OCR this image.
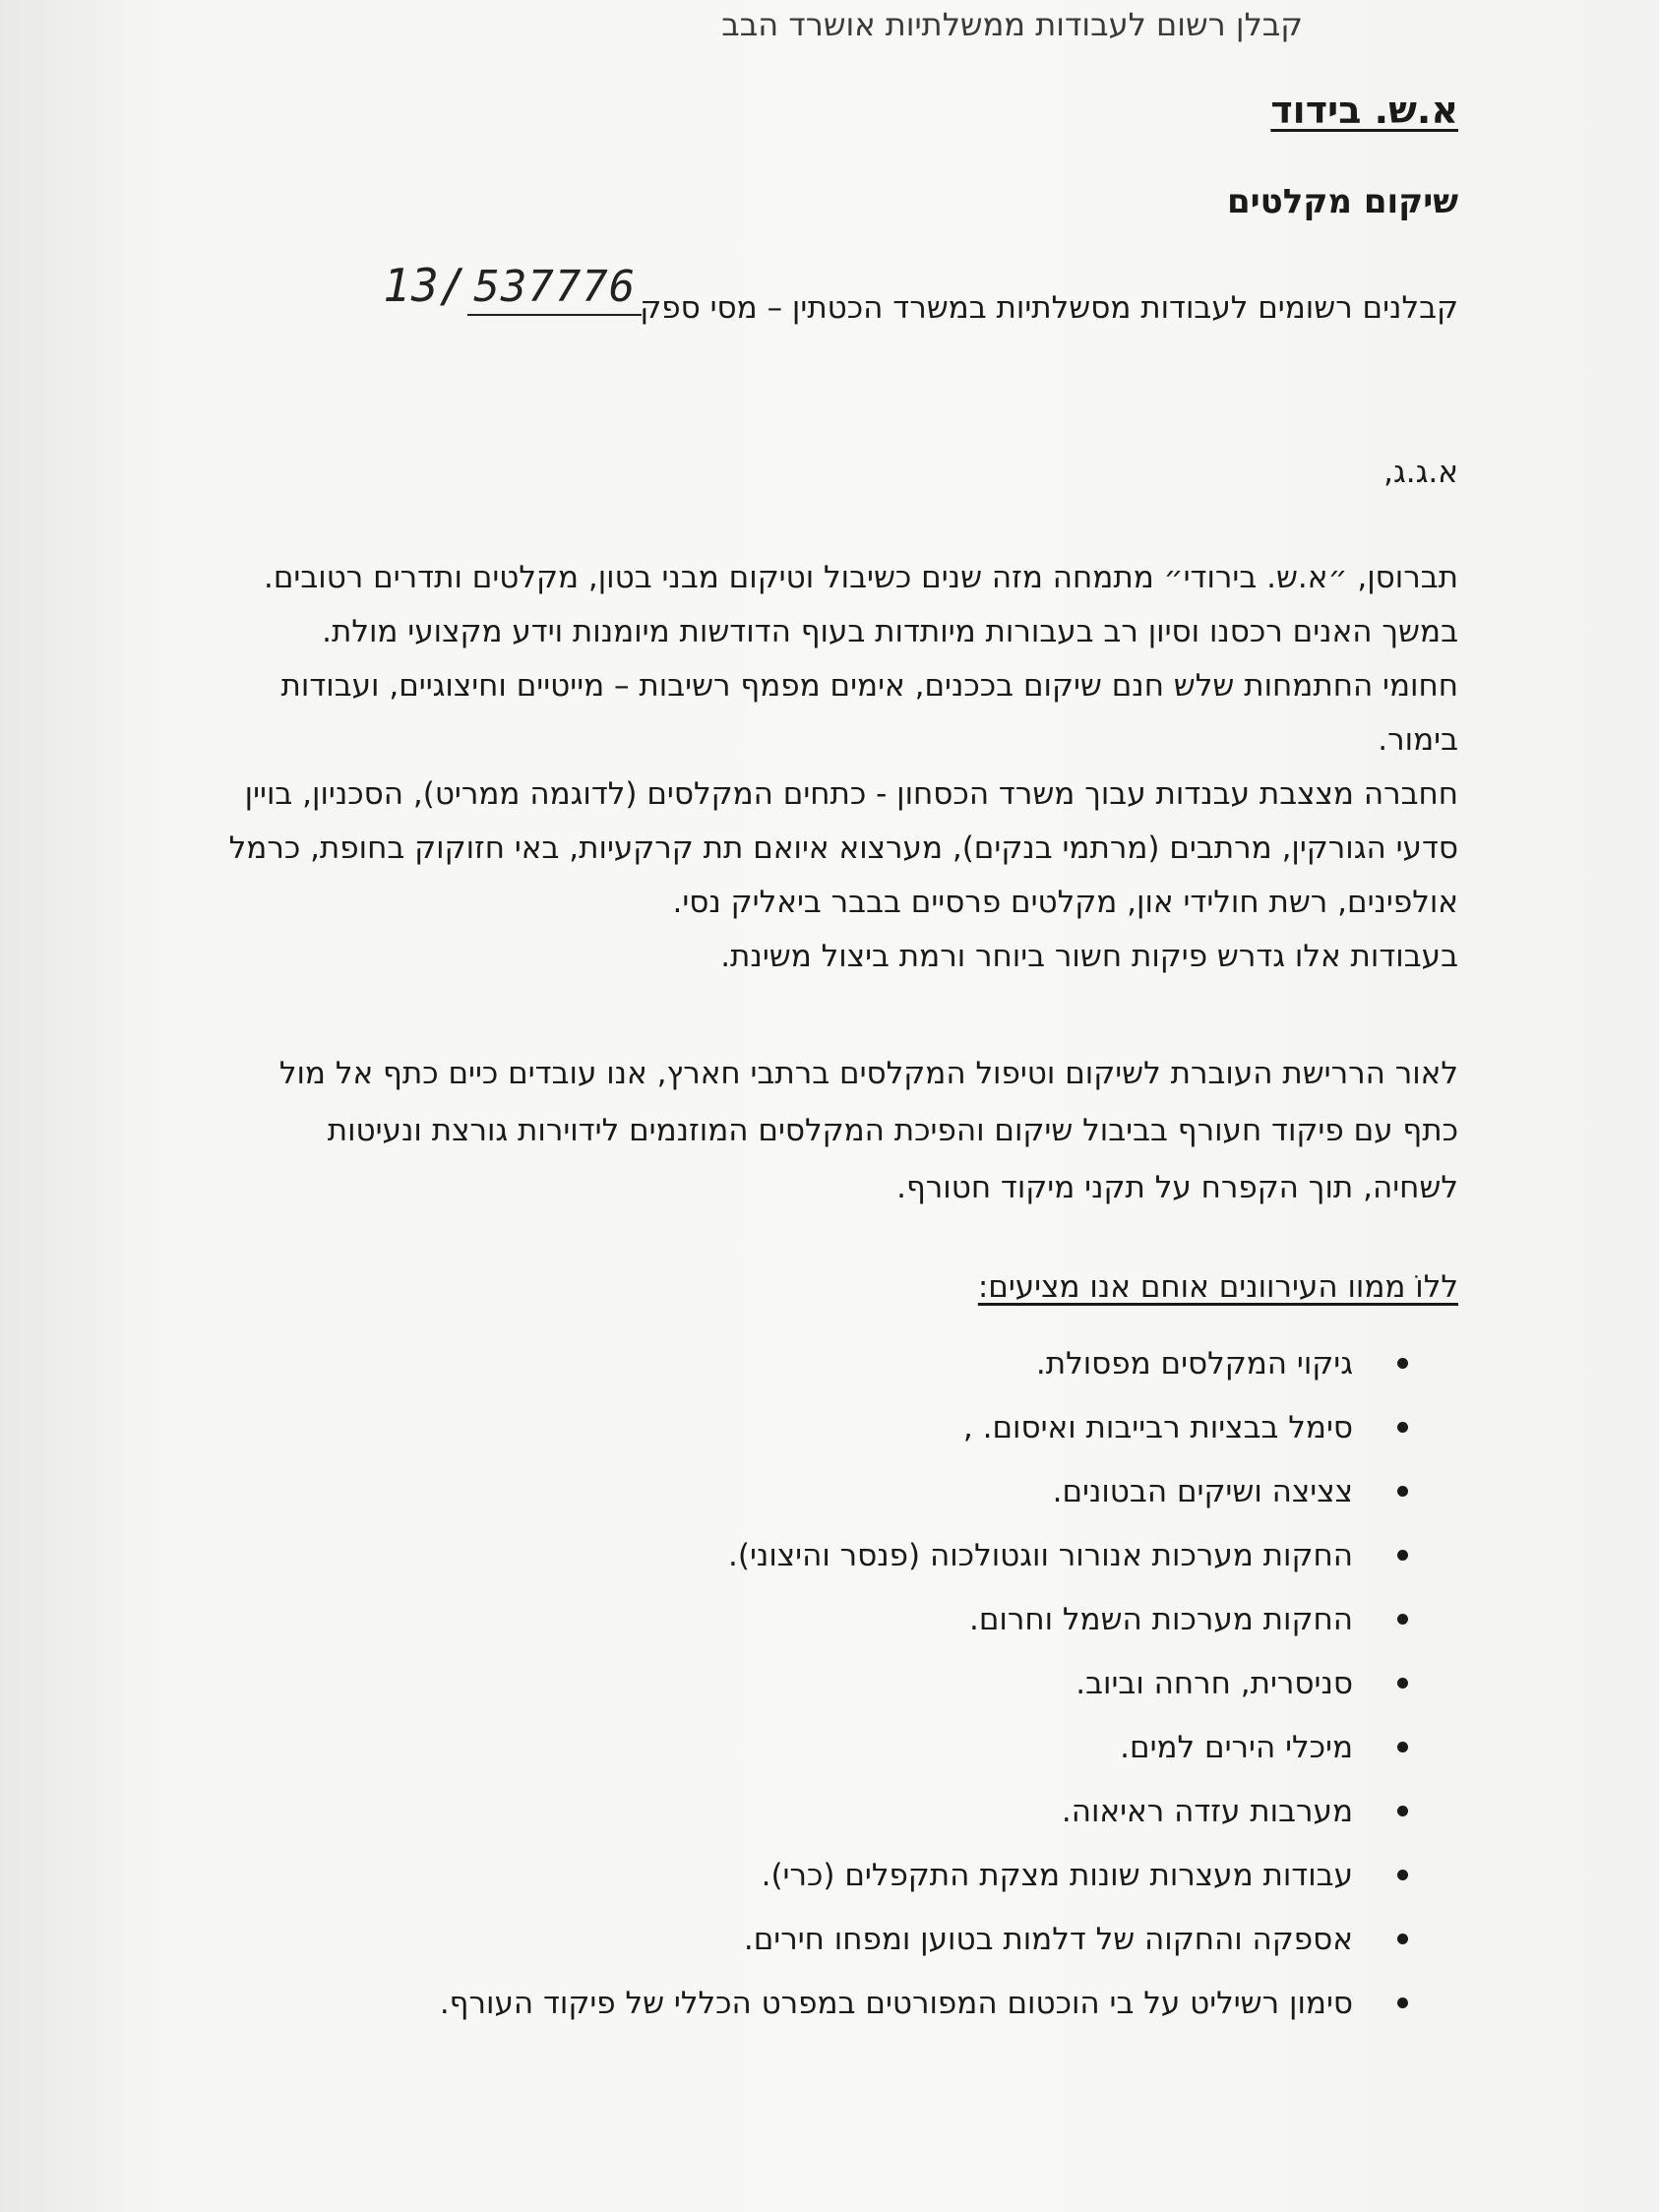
קבלן רשום לעבודות ממשלתיות אושרד הבב
א.ש. בידוד
שיקום מקלטים
קבלנים רשומים לעבודות מסשלתיות במשרד הכטתין – מסי ספק
13/ 537776
א.ג.ג,

תברוסן, ״א.ש. בירודי״ מתמחה מזה שנים כשיבול וטיקום מבני בטון, מקלטים ותדרים רטובים.

במשך האנים רכסנו וסיון רב בעבורות מיותדות בעוף הדודשות מיומנות וידע מקצועי מולת.

חחומי החתמחות שלש חנם שיקום בככנים, אימים מפמף רשיבות – מייטיים וחיצוגיים, ועבודות

בימור.

חחברה מצצבת עבנדות עבוך משרד הכסחון - כתחים המקלסים (לדוגמה ממריט), הסכניון, בויין

סדעי הגורקין, מרתבים (מרתמי בנקים), מערצוא איואם תת קרקעיות, באי חזוקוק בחופת, כרמל

אולפינים, רשת חולידי און, מקלטים פרסיים בבבר ביאליק נסי.

בעבודות אלו גדרש פיקות חשור ביוחר ורמת ביצול משינת.

לאור הררישת העוברת לשיקום וטיפול המקלסים ברתבי חארץ, אנו עובדים כיים כתף אל מול

כתף עם פיקוד חעורף בביבול שיקום והפיכת המקלסים המוזנמים לידוירות גורצת ונעיטות

לשחיה, תוך הקפרח על תקני מיקוד חטורף.

ללוֹ ממוו העירוונים אוחם אנו מציעים:
גיקוי המקלסים מפסולת.
סימל בבציות רבייבות ואיסום. ,
צציצה ושיקים הבטונים.
החקות מערכות אנורור ווגטולכוה (פנסר והיצוני).
החקות מערכות השמל וחרום.
סניסרית, חרחה וביוב.
מיכלי הירים למים.
מערבות עזדה ראיאוה.
עבודות מעצרות שונות מצקת התקפלים (כרי).
אספקה והחקוה של דלמות בטוען ומפחו חירים.
סימון רשיליט על בי הוכטום המפורטים במפרט הכללי של פיקוד העורף.
